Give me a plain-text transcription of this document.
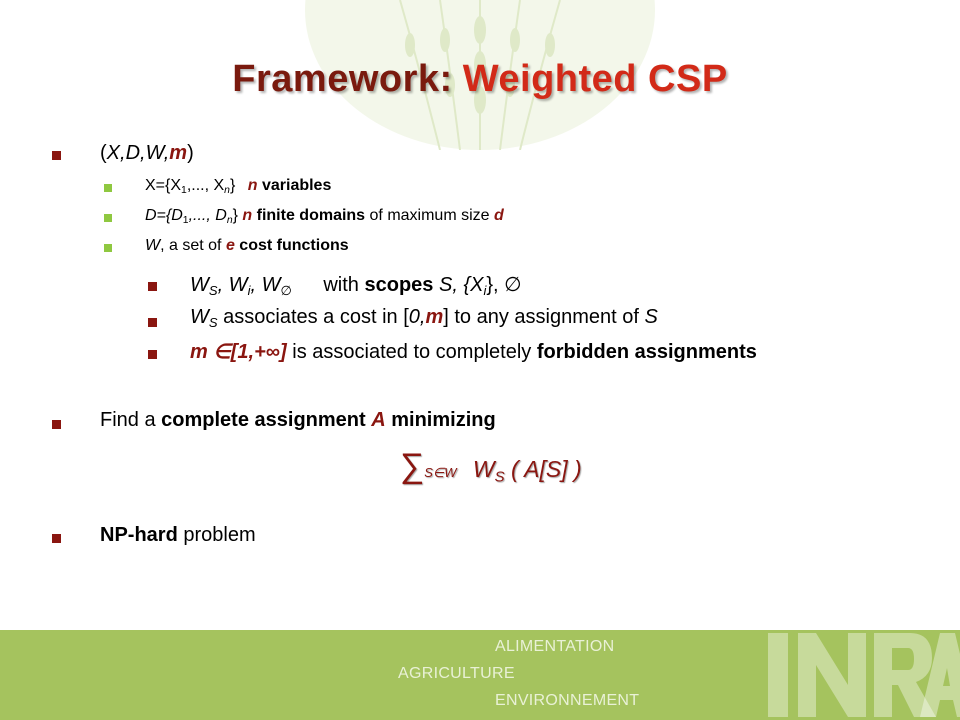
Framework: Weighted CSP
(X,D,W,m)
$X=\{X_1$,..., $X_n$} n variables
$D=\{D_1$,..., $D_n$} n finite domains of maximum size d
W, a set of e cost functions
$W_S$, $W_i$, $W_\emptyset$ with scopes S, $\{X_i\}$, ∅
$W_S$ associates a cost in [0,m] to any assignment of S
m ∈[1,+∞] is associated to completely forbidden assignments
Find a complete assignment A minimizing
∑S∈W $W_S$ ( A[S] )
NP-hard problem
ALIMENTATION
AGRICULTURE
ENVIRONNEMENT
